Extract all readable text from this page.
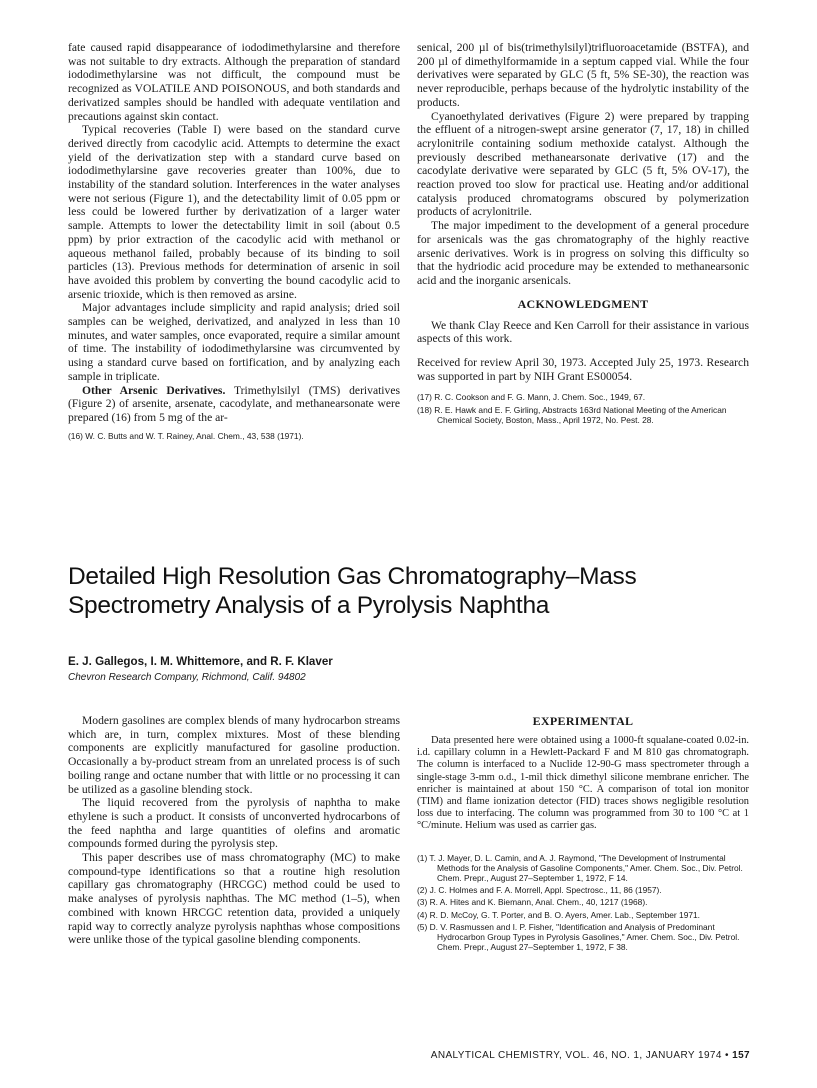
fate caused rapid disappearance of iododimethylarsine and therefore was not suitable to dry extracts. Although the preparation of standard iododimethylarsine was not difficult, the compound must be recognized as VOLATILE AND POISONOUS, and both standards and derivatized samples should be handled with adequate ventilation and precautions against skin contact.

Typical recoveries (Table I) were based on the standard curve derived directly from cacodylic acid. Attempts to determine the exact yield of the derivatization step with a standard curve based on iododimethylarsine gave recoveries greater than 100%, due to instability of the standard solution. Interferences in the water analyses were not serious (Figure 1), and the detectability limit of 0.05 ppm or less could be lowered further by derivatization of a larger water sample. Attempts to lower the detectability limit in soil (about 0.5 ppm) by prior extraction of the cacodylic acid with methanol or aqueous methanol failed, probably because of its binding to soil particles (13). Previous methods for determination of arsenic in soil have avoided this problem by converting the bound cacodylic acid to arsenic trioxide, which is then removed as arsine.

Major advantages include simplicity and rapid analysis; dried soil samples can be weighed, derivatized, and analyzed in less than 10 minutes, and water samples, once evaporated, require a similar amount of time. The instability of iododimethylarsine was circumvented by using a standard curve based on fortification, and by analyzing each sample in triplicate.

Other Arsenic Derivatives. Trimethylsilyl (TMS) derivatives (Figure 2) of arsenite, arsenate, cacodylate, and methanearsonate were prepared (16) from 5 mg of the ar-

(16) W. C. Butts and W. T. Rainey, Anal. Chem., 43, 538 (1971).

senical, 200 µl of bis(trimethylsilyl)trifluoroacetamide (BSTFA), and 200 µl of dimethylformamide in a septum capped vial. While the four derivatives were separated by GLC (5 ft, 5% SE-30), the reaction was never reproducible, perhaps because of the hydrolytic instability of the products.

Cyanoethylated derivatives (Figure 2) were prepared by trapping the effluent of a nitrogen-swept arsine generator (7, 17, 18) in chilled acrylonitrile containing sodium methoxide catalyst. Although the previously described methanearsonate derivative (17) and the cacodylate derivative were separated by GLC (5 ft, 5% OV-17), the reaction proved too slow for practical use. Heating and/or additional catalysis produced chromatograms obscured by polymerization products of acrylonitrile.

The major impediment to the development of a general procedure for arsenicals was the gas chromatography of the highly reactive arsenic derivatives. Work is in progress on solving this difficulty so that the hydriodic acid procedure may be extended to methanearsonic acid and the inorganic arsenicals.

ACKNOWLEDGMENT

We thank Clay Reece and Ken Carroll for their assistance in various aspects of this work.

Received for review April 30, 1973. Accepted July 25, 1973. Research was supported in part by NIH Grant ES00054.

(17) R. C. Cookson and F. G. Mann, J. Chem. Soc., 1949, 67.

(18) R. E. Hawk and E. F. Girling, Abstracts 163rd National Meeting of the American Chemical Society, Boston, Mass., April 1972, No. Pest. 28.

Detailed High Resolution Gas Chromatography–Mass Spectrometry Analysis of a Pyrolysis Naphtha

E. J. Gallegos, I. M. Whittemore, and R. F. Klaver

Chevron Research Company, Richmond, Calif. 94802

Modern gasolines are complex blends of many hydrocarbon streams which are, in turn, complex mixtures. Most of these blending components are explicitly manufactured for gasoline production. Occasionally a by-product stream from an unrelated process is of such boiling range and octane number that with little or no processing it can be utilized as a gasoline blending stock.

The liquid recovered from the pyrolysis of naphtha to make ethylene is such a product. It consists of unconverted hydrocarbons of the feed naphtha and large quantities of olefins and aromatic compounds formed during the pyrolysis step.

This paper describes use of mass chromatography (MC) to make compound-type identifications so that a routine high resolution capillary gas chromatography (HRCGC) method could be used to make analyses of pyrolysis naphthas. The MC method (1–5), when combined with known HRCGC retention data, provided a uniquely rapid way to correctly analyze pyrolysis naphthas whose compositions were unlike those of the typical gasoline blending components.

EXPERIMENTAL

Data presented here were obtained using a 1000-ft squalane-coated 0.02-in. i.d. capillary column in a Hewlett-Packard F and M 810 gas chromatograph. The column is interfaced to a Nuclide 12-90-G mass spectrometer through a single-stage 3-mm o.d., 1-mil thick dimethyl silicone membrane enricher. The enricher is maintained at about 150 °C. A comparison of total ion monitor (TIM) and flame ionization detector (FID) traces shows negligible resolution loss due to interfacing. The column was programmed from 30 to 100 °C at 1 °C/minute. Helium was used as carrier gas.

(1) T. J. Mayer, D. L. Camin, and A. J. Raymond, "The Development of Instrumental Methods for the Analysis of Gasoline Components," Amer. Chem. Soc., Div. Petrol. Chem. Prepr., August 27–September 1, 1972, F 14.

(2) J. C. Holmes and F. A. Morrell, Appl. Spectrosc., 11, 86 (1957).

(3) R. A. Hites and K. Biemann, Anal. Chem., 40, 1217 (1968).

(4) R. D. McCoy, G. T. Porter, and B. O. Ayers, Amer. Lab., September 1971.

(5) D. V. Rasmussen and I. P. Fisher, "Identification and Analysis of Predominant Hydrocarbon Group Types in Pyrolysis Gasolines," Amer. Chem. Soc., Div. Petrol. Chem. Prepr., August 27–September 1, 1972, F 38.

ANALYTICAL CHEMISTRY, VOL. 46, NO. 1, JANUARY 1974 • 157
